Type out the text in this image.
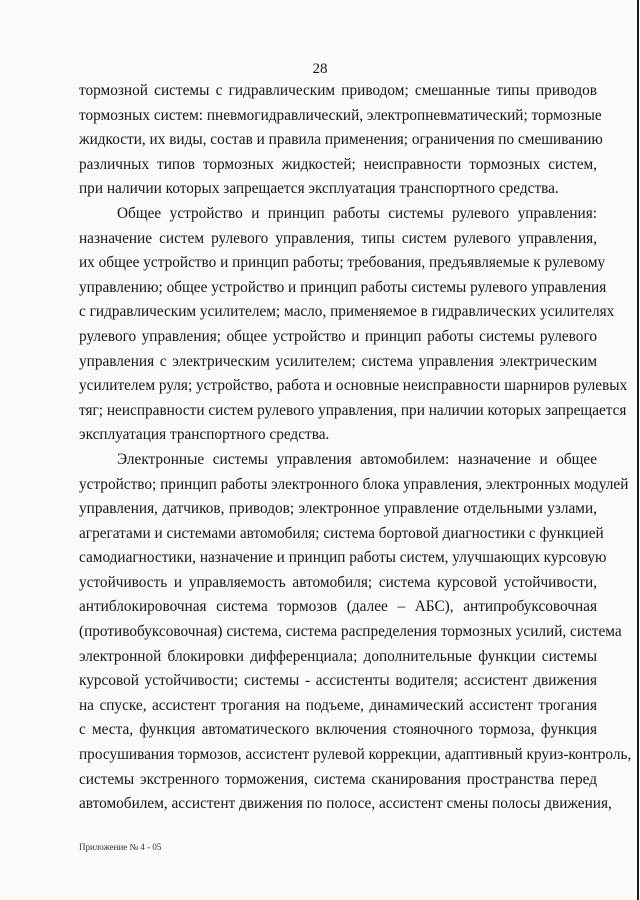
28

тормозной системы с гидравлическим приводом; смешанные типы приводов
тормозных систем: пневмогидравлический, электропневматический; тормозные
жидкости, их виды, состав и правила применения; ограничения по смешиванию
различных типов тормозных жидкостей; неисправности тормозных систем,
при наличии которых запрещается эксплуатация транспортного средства.

Общее устройство и принцип работы системы рулевого управления:
назначение систем рулевого управления, типы систем рулевого управления,
их общее устройство и принцип работы; требования, предъявляемые к рулевому
управлению; общее устройство и принцип работы системы рулевого управления
с гидравлическим усилителем; масло, применяемое в гидравлических усилителях
рулевого управления; общее устройство и принцип работы системы рулевого
управления с электрическим усилителем; система управления электрическим
усилителем руля; устройство, работа и основные неисправности шарниров рулевых
тяг; неисправности систем рулевого управления, при наличии которых запрещается
эксплуатация транспортного средства.

Электронные системы управления автомобилем: назначение и общее
устройство; принцип работы электронного блока управления, электронных модулей
управления, датчиков, приводов; электронное управление отдельными узлами,
агрегатами и системами автомобиля; система бортовой диагностики с функцией
самодиагностики, назначение и принцип работы систем, улучшающих курсовую
устойчивость и управляемость автомобиля; система курсовой устойчивости,
антиблокировочная система тормозов (далее – АБС), антипробуксовочная
(противобуксовочная) система, система распределения тормозных усилий, система
электронной блокировки дифференциала; дополнительные функции системы
курсовой устойчивости; системы - ассистенты водителя; ассистент движения
на спуске, ассистент трогания на подъеме, динамический ассистент трогания
с места, функция автоматического включения стояночного тормоза, функция
просушивания тормозов, ассистент рулевой коррекции, адаптивный круиз-контроль,
системы экстренного торможения, система сканирования пространства перед
автомобилем, ассистент движения по полосе, ассистент смены полосы движения,

Приложение № 4 - 05
